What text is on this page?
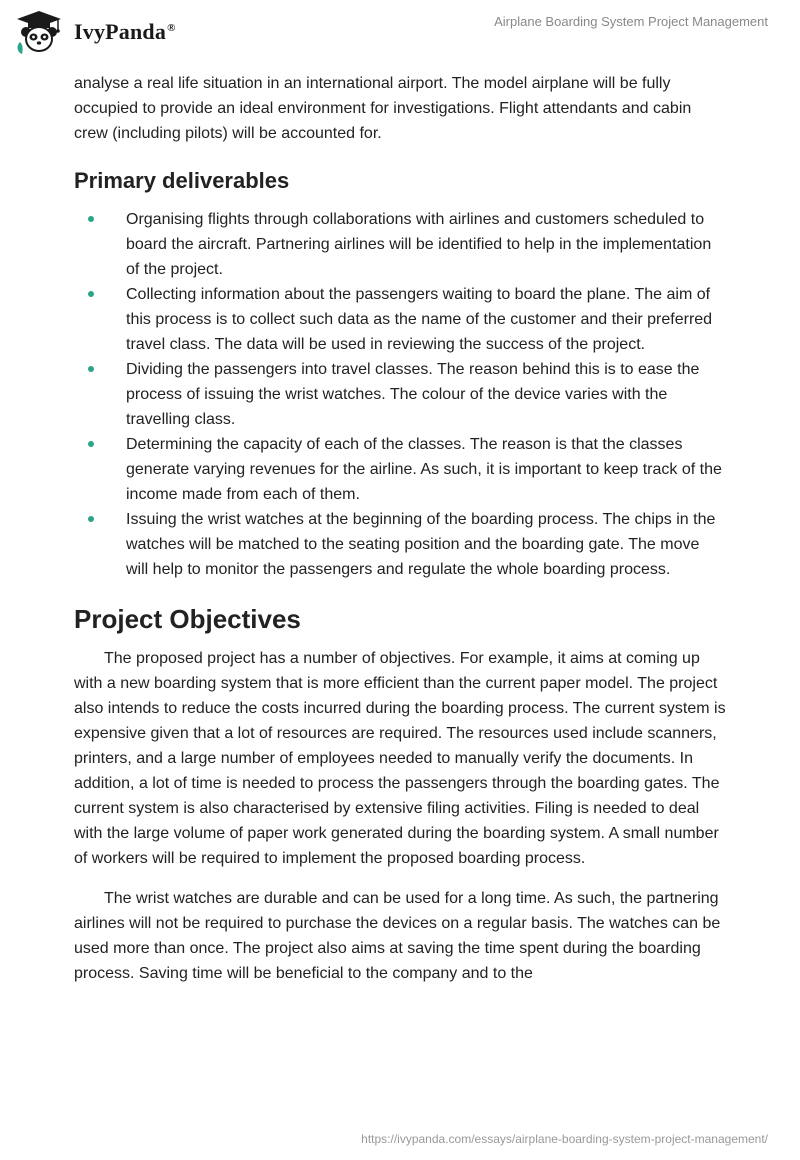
IvyPanda®	Airplane Boarding System Project Management

analyse a real life situation in an international airport. The model airplane will be fully occupied to provide an ideal environment for investigations. Flight attendants and cabin crew (including pilots) will be accounted for.

Primary deliverables
Organising flights through collaborations with airlines and customers scheduled to board the aircraft. Partnering airlines will be identified to help in the implementation of the project.
Collecting information about the passengers waiting to board the plane. The aim of this process is to collect such data as the name of the customer and their preferred travel class. The data will be used in reviewing the success of the project.
Dividing the passengers into travel classes. The reason behind this is to ease the process of issuing the wrist watches. The colour of the device varies with the travelling class.
Determining the capacity of each of the classes. The reason is that the classes generate varying revenues for the airline. As such, it is important to keep track of the income made from each of them.
Issuing the wrist watches at the beginning of the boarding process. The chips in the watches will be matched to the seating position and the boarding gate. The move will help to monitor the passengers and regulate the whole boarding process.
Project Objectives

The proposed project has a number of objectives. For example, it aims at coming up with a new boarding system that is more efficient than the current paper model. The project also intends to reduce the costs incurred during the boarding process. The current system is expensive given that a lot of resources are required. The resources used include scanners, printers, and a large number of employees needed to manually verify the documents. In addition, a lot of time is needed to process the passengers through the boarding gates. The current system is also characterised by extensive filing activities. Filing is needed to deal with the large volume of paper work generated during the boarding system. A small number of workers will be required to implement the proposed boarding process.

The wrist watches are durable and can be used for a long time. As such, the partnering airlines will not be required to purchase the devices on a regular basis. The watches can be used more than once. The project also aims at saving the time spent during the boarding process. Saving time will be beneficial to the company and to the

https://ivypanda.com/essays/airplane-boarding-system-project-management/
